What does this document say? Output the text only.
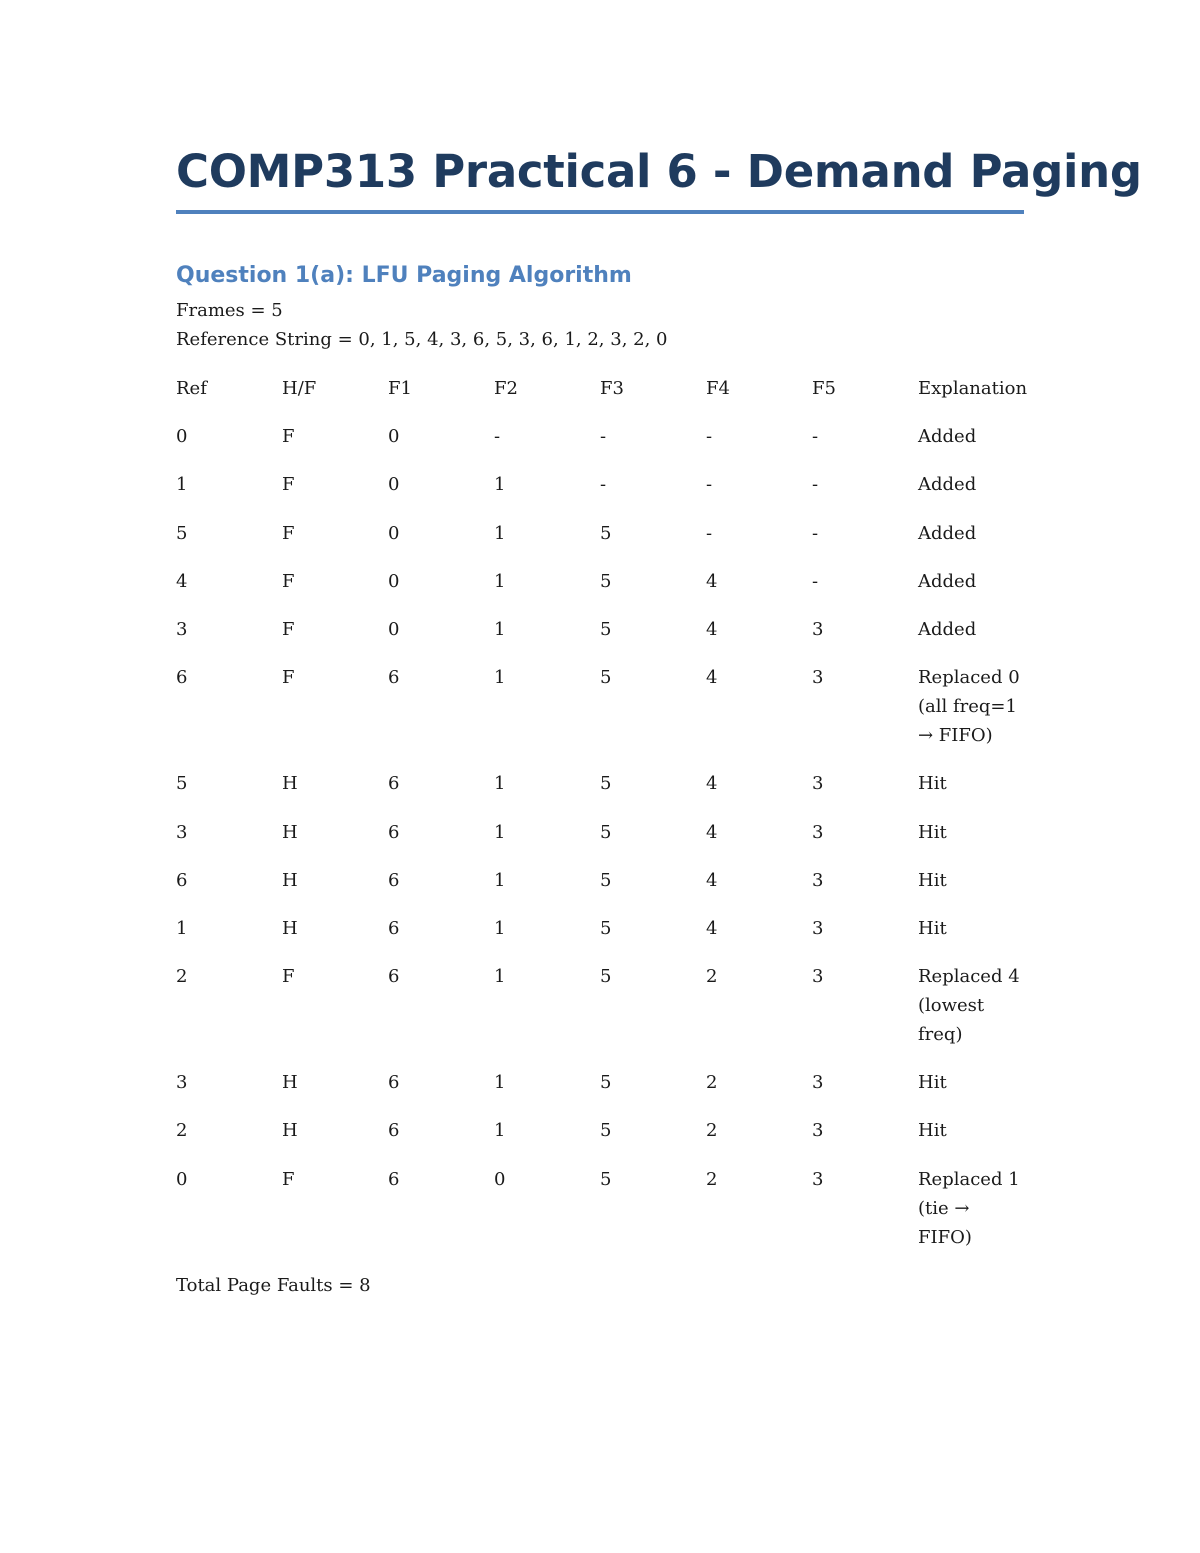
COMP313 Practical 6 - Demand Paging
Question 1(a): LFU Paging Algorithm

Frames = 5

Reference String = 0, 1, 5, 4, 3, 6, 5, 3, 6, 1, 2, 3, 2, 0

Ref	H/F	F1	F2	F3	F4	F5	Explanation
0	F	0	-	-	-	-	Added
1	F	0	1	-	-	-	Added
5	F	0	1	5	-	-	Added
4	F	0	1	5	4	-	Added
3	F	0	1	5	4	3	Added
6	F	6	1	5	4	3	Replaced 0 (all freq=1 → FIFO)
5	H	6	1	5	4	3	Hit
3	H	6	1	5	4	3	Hit
6	H	6	1	5	4	3	Hit
1	H	6	1	5	4	3	Hit
2	F	6	1	5	2	3	Replaced 4 (lowest freq)
3	H	6	1	5	2	3	Hit
2	H	6	1	5	2	3	Hit
0	F	6	0	5	2	3	Replaced 1 (tie → FIFO)

Total Page Faults = 8
